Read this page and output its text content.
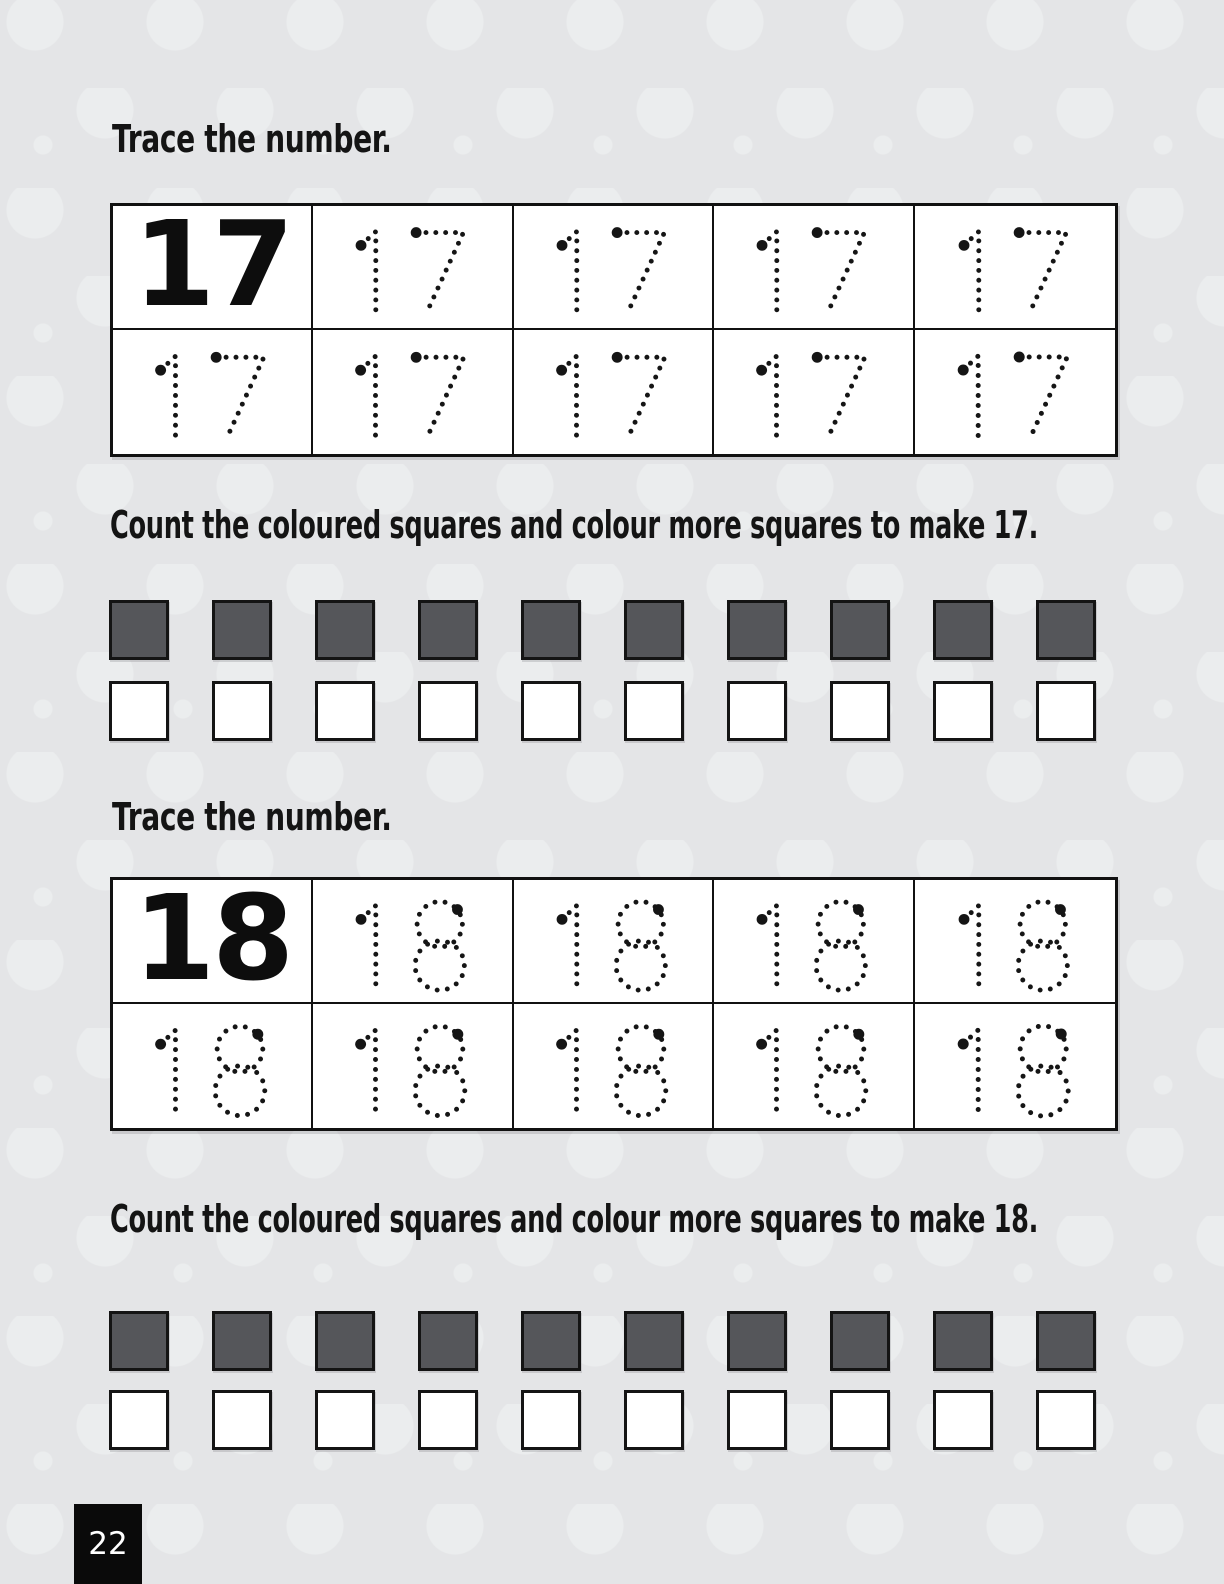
Trace the number.
17
Count the coloured squares and colour more squares to make 17.
Trace the number.
18
Count the coloured squares and colour more squares to make 18.
22
